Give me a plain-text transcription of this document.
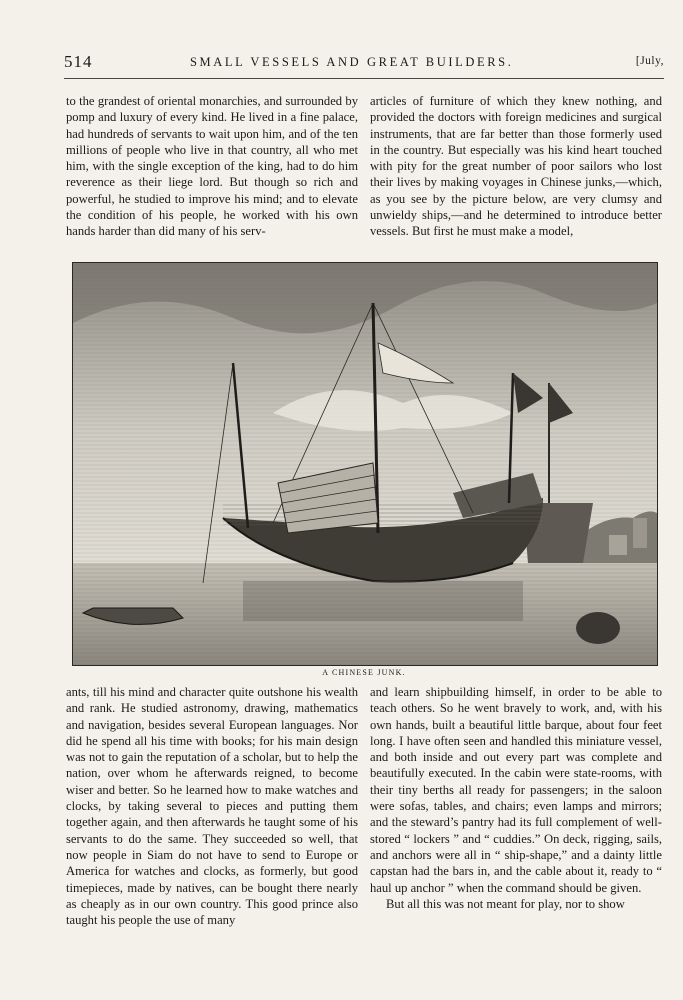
514	SMALL VESSELS AND GREAT BUILDERS.	[July,

to the grandest of oriental monarchies, and surrounded by pomp and luxury of every kind. He lived in a fine palace, had hundreds of servants to wait upon him, and of the ten millions of people who live in that country, all who met him, with the single exception of the king, had to do him reverence as their liege lord. But though so rich and powerful, he studied to improve his mind; and to elevate the condition of his people, he worked with his own hands harder than did many of his serv-

articles of furniture of which they knew nothing, and provided the doctors with foreign medicines and surgical instruments, that are far better than those formerly used in the country. But especially was his kind heart touched with pity for the great number of poor sailors who lost their lives by making voyages in Chinese junks,—which, as you see by the picture below, are very clumsy and unwieldy ships,—and he determined to introduce better vessels. But first he must make a model,

A CHINESE JUNK.

ants, till his mind and character quite outshone his wealth and rank. He studied astronomy, drawing, mathematics and navigation, besides several European languages. Nor did he spend all his time with books; for his main design was not to gain the reputation of a scholar, but to help the nation, over whom he afterwards reigned, to become wiser and better. So he learned how to make watches and clocks, by taking several to pieces and putting them together again, and then afterwards he taught some of his servants to do the same. They succeeded so well, that now people in Siam do not have to send to Europe or America for watches and clocks, as formerly, but good timepieces, made by natives, can be bought there nearly as cheaply as in our own country. This good prince also taught his people the use of many

and learn shipbuilding himself, in order to be able to teach others. So he went bravely to work, and, with his own hands, built a beautiful little barque, about four feet long. I have often seen and handled this miniature vessel, and both inside and out every part was complete and beautifully executed. In the cabin were state-rooms, with their tiny berths all ready for passengers; in the saloon were sofas, tables, and chairs; even lamps and mirrors; and the steward’s pantry had its full complement of well-stored “ lockers ” and “ cuddies.” On deck, rigging, sails, and anchors were all in “ ship-shape,” and a dainty little capstan had the bars in, and the cable about it, ready to “ haul up anchor ” when the command should be given.

But all this was not meant for play, nor to show
